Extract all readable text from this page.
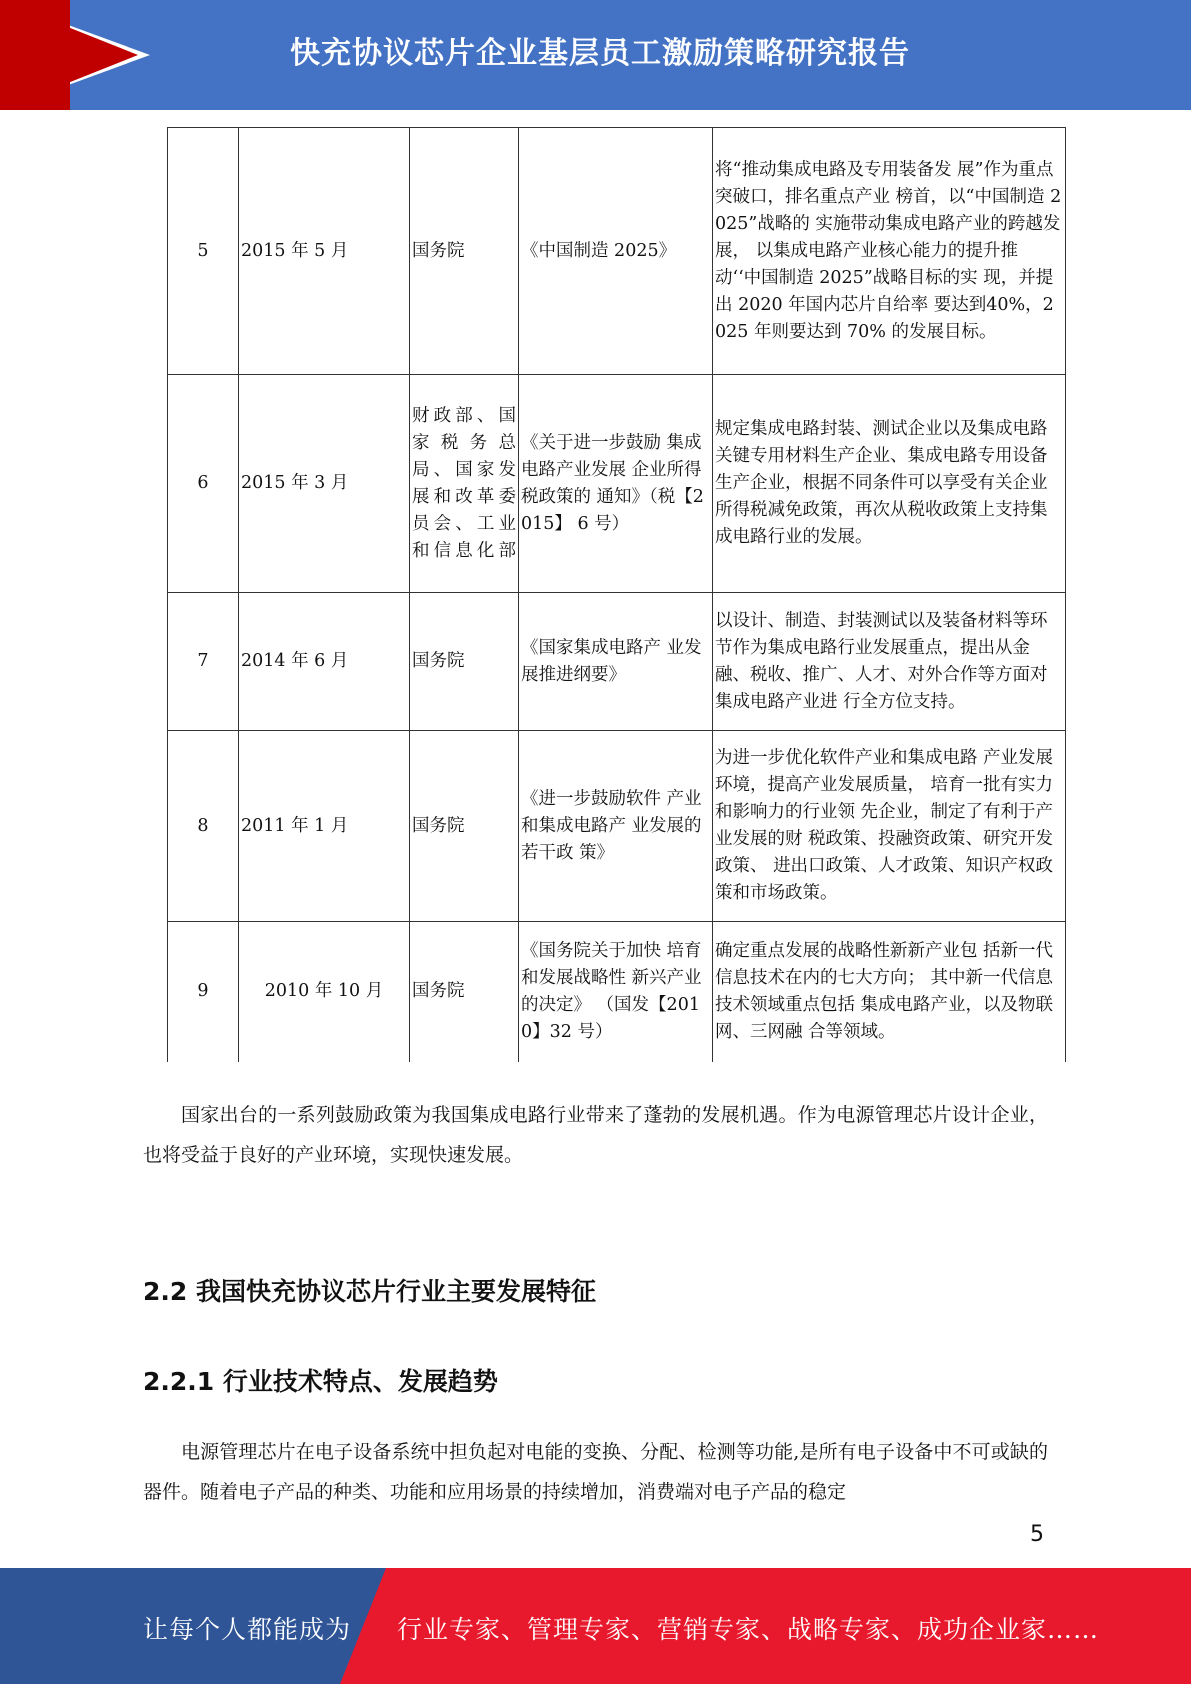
快充协议芯片企业基层员工激励策略研究报告
5	2015 年 5 月	国务院	《中国制造 2025》	将“推动集成电路及专用装备发 展”作为重点突破口，排名重点产业 榜首，以“中国制造 2025”战略的 实施带动集成电路产业的跨越发展， 以集成电路产业核心能力的提升推 动‘‘中国制造 2025”战略目标的实 现，并提出 2020 年国内芯片自给率 要达到40%，2025 年则要达到 70% 的发展目标。
6	2015 年 3 月	财政部、国家税务总局、国家发展和改革委员会、工业和信息化部	《关于进一步鼓励 集成电路产业发展 企业所得税政策的 通知》（税【2015】 6 号）	规定集成电路封装、测试企业以及集成电路关键专用材料生产企业、集成电路专用设备生产企业，根据不同条件可以享受有关企业所得税减免政策，再次从税收政策上支持集成电路行业的发展。
7	2014 年 6 月	国务院	《国家集成电路产 业发展推进纲要》	以设计、制造、封装测试以及装备材料等环节作为集成电路行业发展重点，提出从金融、税收、推广、人才、对外合作等方面对集成电路产业进 行全方位支持。
8	2011 年 1 月	国务院	《进一步鼓励软件 产业和集成电路产 业发展的若干政 策》	为进一步优化软件产业和集成电路 产业发展环境，提高产业发展质量， 培育一批有实力和影响力的行业领 先企业，制定了有利于产业发展的财 税政策、投融资政策、研究开发政策、 进出口政策、人才政策、知识产权政 策和市场政策。
9	2010 年 10 月	国务院	《国务院关于加快 培育和发展战略性 新兴产业的决定》 （国发【2010】32 号）	确定重点发展的战略性新新产业包 括新一代信息技术在内的七大方向； 其中新一代信息技术领域重点包括 集成电路产业，以及物联网、三网融 合等领域。
国家出台的一系列鼓励政策为我国集成电路行业带来了蓬勃的发展机遇。作为电源管理芯片设计企业，也将受益于良好的产业环境，实现快速发展。
2.2 我国快充协议芯片行业主要发展特征
2.2.1 行业技术特点、发展趋势
电源管理芯片在电子设备系统中担负起对电能的变换、分配、检测等功能,是所有电子设备中不可或缺的器件。随着电子产品的种类、功能和应用场景的持续增加，消费端对电子产品的稳定
5
让每个人都能成为 行业专家、管理专家、营销专家、战略专家、成功企业家……
